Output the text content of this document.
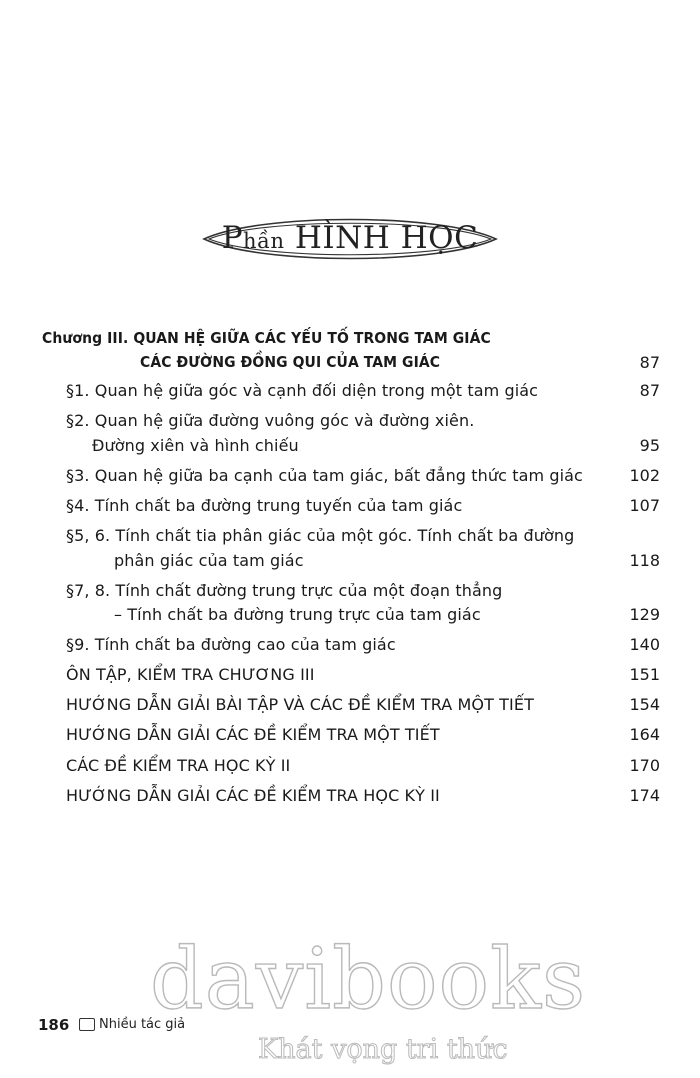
Phần HÌNH HỌC
Chương III. QUAN HỆ GIỮA CÁC YẾU TỐ TRONG TAM GIÁC
CÁC ĐƯỜNG ĐỒNG QUI CỦA TAM GIÁC	87
§1. Quan hệ giữa góc và cạnh đối diện trong một tam giác	87
§2. Quan hệ giữa đường vuông góc và đường xiên.
Đường xiên và hình chiếu	95
§3. Quan hệ giữa ba cạnh của tam giác, bất đẳng thức tam giác	102
§4. Tính chất ba đường trung tuyến của tam giác	107
§5, 6. Tính chất tia phân giác của một góc. Tính chất ba đường
phân giác của tam giác	118
§7, 8. Tính chất đường trung trực của một đoạn thẳng
– Tính chất ba đường trung trực của tam giác	129
§9. Tính chất ba đường cao của tam giác	140
ÔN TẬP, KIỂM TRA CHƯƠNG III	151
HƯỚNG DẪN GIẢI BÀI TẬP VÀ CÁC ĐỀ KIỂM TRA MỘT TIẾT	154
HƯỚNG DẪN GIẢI CÁC ĐỀ KIỂM TRA MỘT TIẾT	164
CÁC ĐỀ KIỂM TRA HỌC KỲ II	170
HƯỚNG DẪN GIẢI CÁC ĐỀ KIỂM TRA HỌC KỲ II	174
davibooks
Khát vọng tri thức
186 Nhiều tác giả
